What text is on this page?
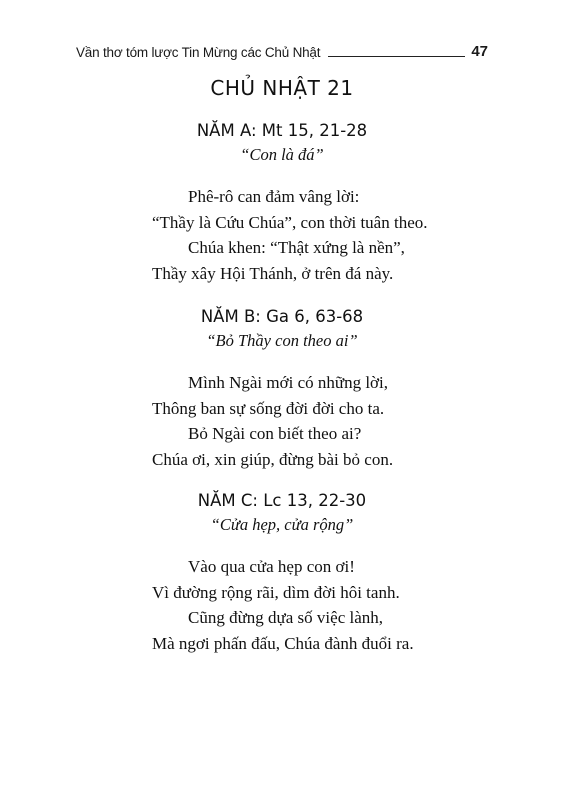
Vần thơ tóm lược Tin Mừng các Chủ Nhật	47
CHỦ NHẬT 21
NĂM A: Mt 15, 21-28
“Con là đá”
Phê-rô can đảm vâng lời:
“Thầy là Cứu Chúa”, con thời tuân theo.
Chúa khen: “Thật xứng là nền”,
Thầy xây Hội Thánh, ở trên đá này.
NĂM B: Ga 6, 63-68
“Bỏ Thầy con theo ai”
Mình Ngài mới có những lời,
Thông ban sự sống đời đời cho ta.
Bỏ Ngài con biết theo ai?
Chúa ơi, xin giúp, đừng bài bỏ con.
NĂM C: Lc 13, 22-30
“Cửa hẹp, cửa rộng”
Vào qua cửa hẹp con ơi!
Vì đường rộng rãi, dìm đời hôi tanh.
Cũng đừng dựa số việc lành,
Mà ngơi phấn đấu, Chúa đành đuổi ra.
